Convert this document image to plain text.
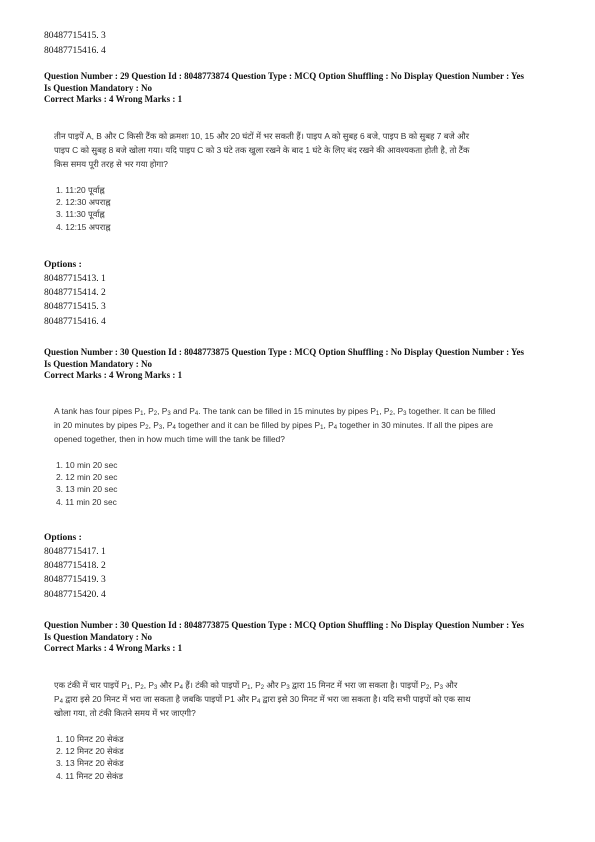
80487715415. 3
80487715416. 4
Question Number : 29 Question Id : 8048773874 Question Type : MCQ Option Shuffling : No Display Question Number : Yes
Is Question Mandatory : No
Correct Marks : 4 Wrong Marks : 1
तीन पाइपें A, B और C किसी टैंक को क्रमशः 10, 15 और 20 घंटों में भर सकती हैं। पाइप A को सुबह 6 बजे, पाइप B को सुबह 7 बजे और
पाइप C को सुबह 8 बजे खोला गया। यदि पाइप C को 3 घंटे तक खुला रखने के बाद 1 घंटे के लिए बंद रखने की आवश्यकता होती है, तो टैंक
किस समय पूरी तरह से भर गया होगा?
1. 11:20 पूर्वाह्न
2. 12:30 अपराह्न
3. 11:30 पूर्वाह्न
4. 12:15 अपराह्न
Options :
80487715413. 1
80487715414. 2
80487715415. 3
80487715416. 4
Question Number : 30 Question Id : 8048773875 Question Type : MCQ Option Shuffling : No Display Question Number : Yes
Is Question Mandatory : No
Correct Marks : 4 Wrong Marks : 1
A tank has four pipes $P_1$, $P_2$, $P_3$ and $P_4$. The tank can be filled in 15 minutes by pipes $P_1$, $P_2$, $P_3$ together. It can be filled
in 20 minutes by pipes $P_2$, $P_3$, $P_4$ together and it can be filled by pipes $P_1$, $P_4$ together in 30 minutes. If all the pipes are
opened together, then in how much time will the tank be filled?
1. 10 min 20 sec
2. 12 min 20 sec
3. 13 min 20 sec
4. 11 min 20 sec
Options :
80487715417. 1
80487715418. 2
80487715419. 3
80487715420. 4
Question Number : 30 Question Id : 8048773875 Question Type : MCQ Option Shuffling : No Display Question Number : Yes
Is Question Mandatory : No
Correct Marks : 4 Wrong Marks : 1
एक टंकी में चार पाइपें $P_1$, $P_2$, $P_3$ और $P_4$ हैं। टंकी को पाइपों $P_1$, $P_2$ और $P_3$ द्वारा 15 मिनट में भरा जा सकता है। पाइपों $P_2$, $P_3$ और
$P_4$ द्वारा इसे 20 मिनट में भरा जा सकता है जबकि पाइपों P1 और $P_4$ द्वारा इसे 30 मिनट में भरा जा सकता है। यदि सभी पाइपों को एक साथ
खोला गया, तो टंकी कितने समय में भर जाएगी?
1. 10 मिनट 20 सेकंड
2. 12 मिनट 20 सेकंड
3. 13 मिनट 20 सेकंड
4. 11 मिनट 20 सेकंड
